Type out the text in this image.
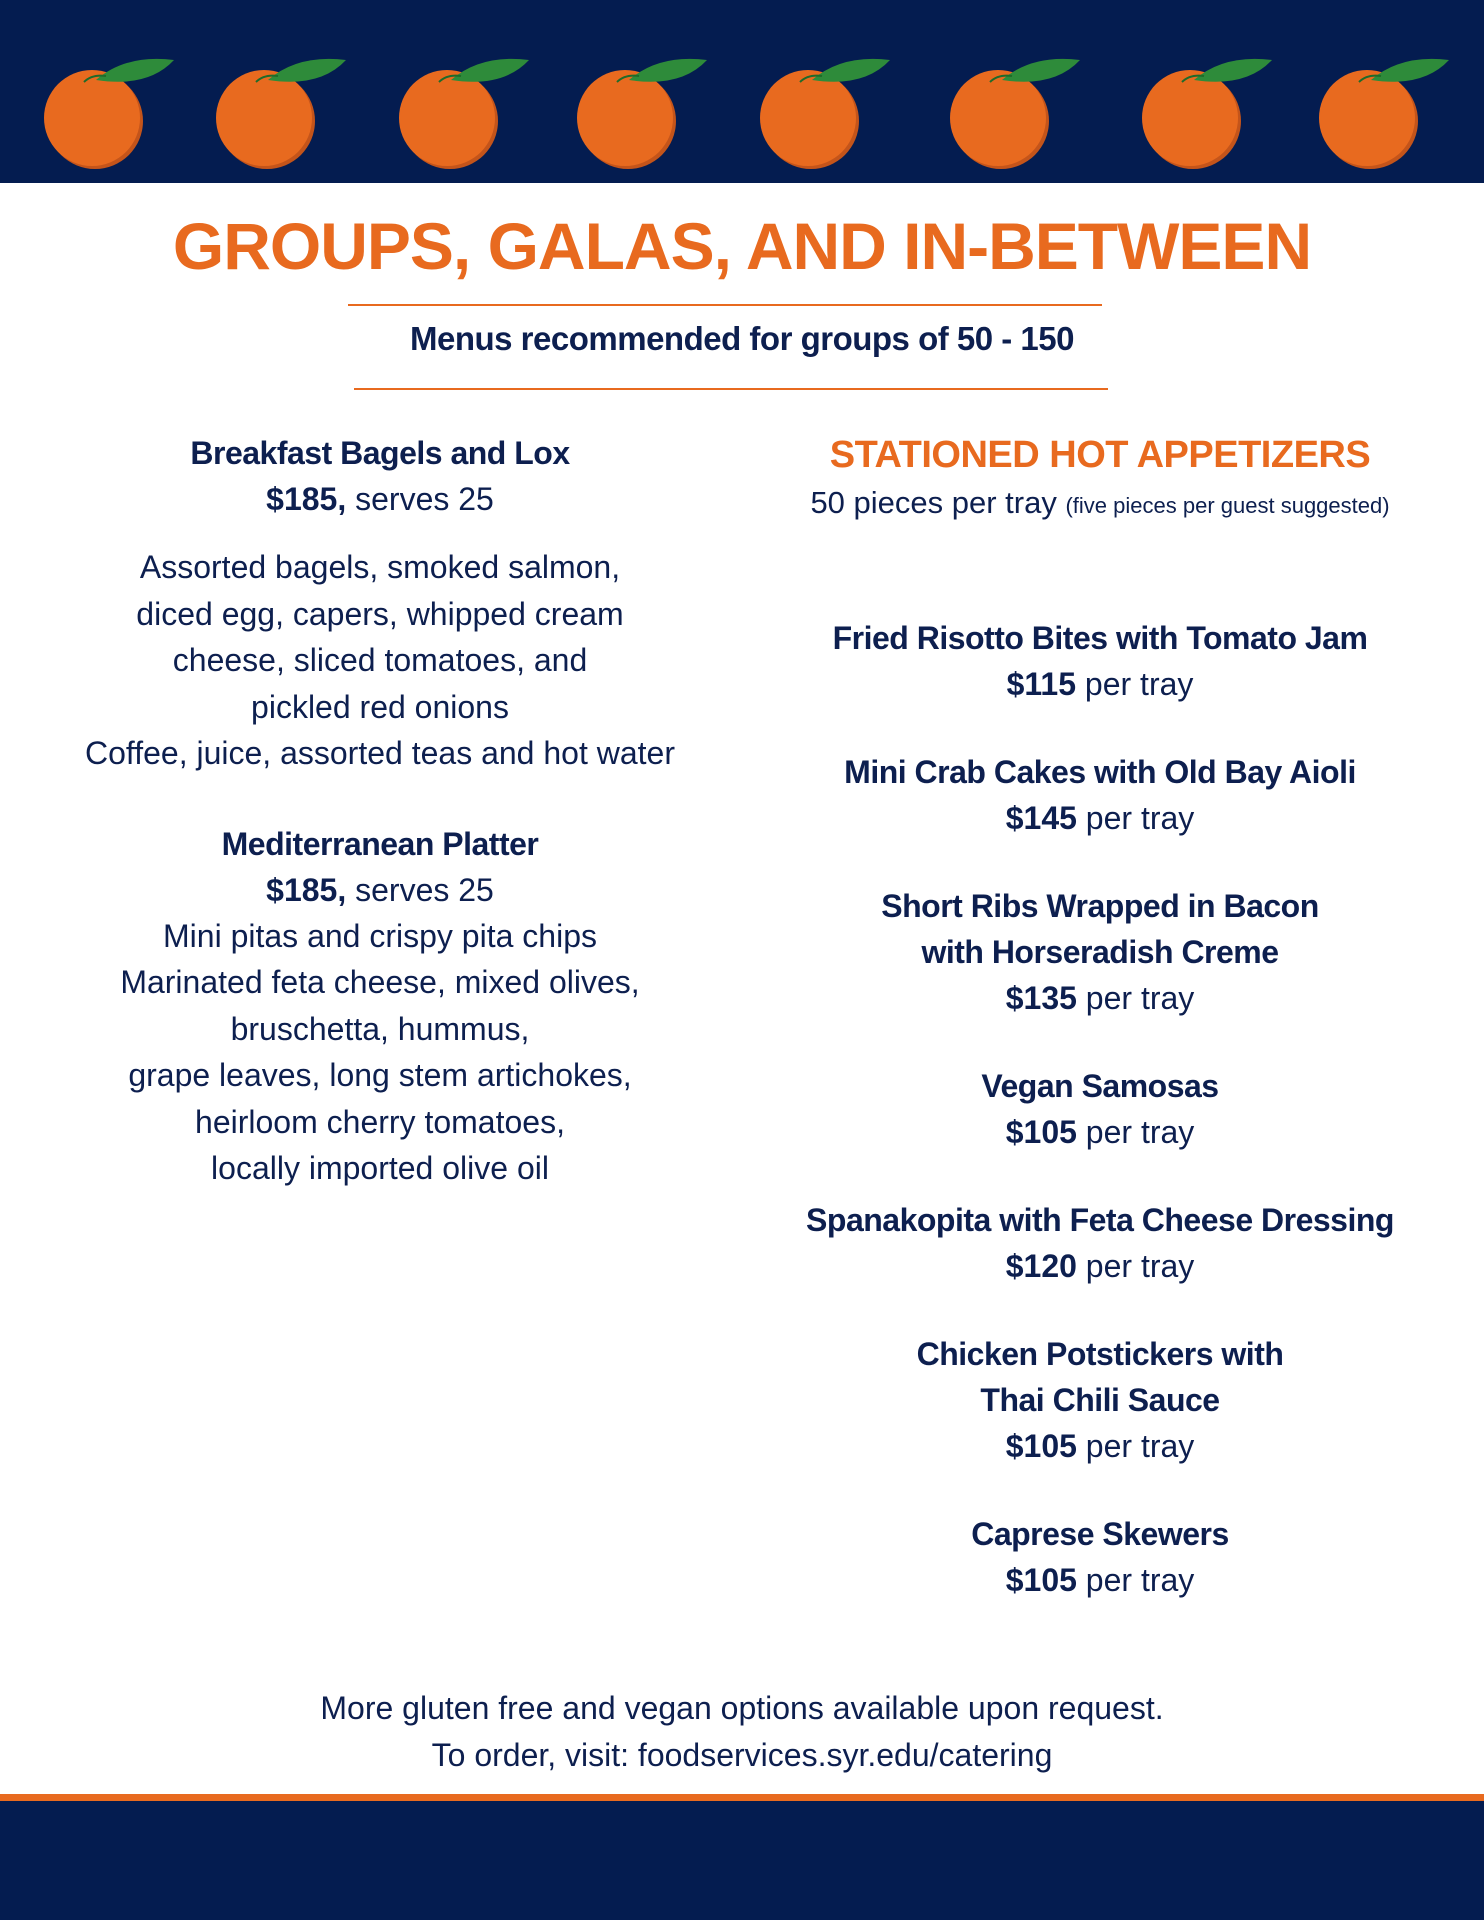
GROUPS, GALAS, AND IN-BETWEEN
Menus recommended for groups of 50 - 150
Breakfast Bagels and Lox
$185, serves 25
Assorted bagels, smoked salmon,
diced egg, capers, whipped cream
cheese, sliced tomatoes, and
pickled red onions
Coffee, juice, assorted teas and hot water
Mediterranean Platter
$185, serves 25
Mini pitas and crispy pita chips
Marinated feta cheese, mixed olives,
bruschetta, hummus,
grape leaves, long stem artichokes,
heirloom cherry tomatoes,
locally imported olive oil
STATIONED HOT APPETIZERS
50 pieces per tray (five pieces per guest suggested)
Fried Risotto Bites with Tomato Jam
$115 per tray
Mini Crab Cakes with Old Bay Aioli
$145 per tray
Short Ribs Wrapped in Bacon
with Horseradish Creme
$135 per tray
Vegan Samosas
$105 per tray
Spanakopita with Feta Cheese Dressing
$120 per tray
Chicken Potstickers with
Thai Chili Sauce
$105 per tray
Caprese Skewers
$105 per tray
More gluten free and vegan options available upon request.
To order, visit: foodservices.syr.edu/catering
